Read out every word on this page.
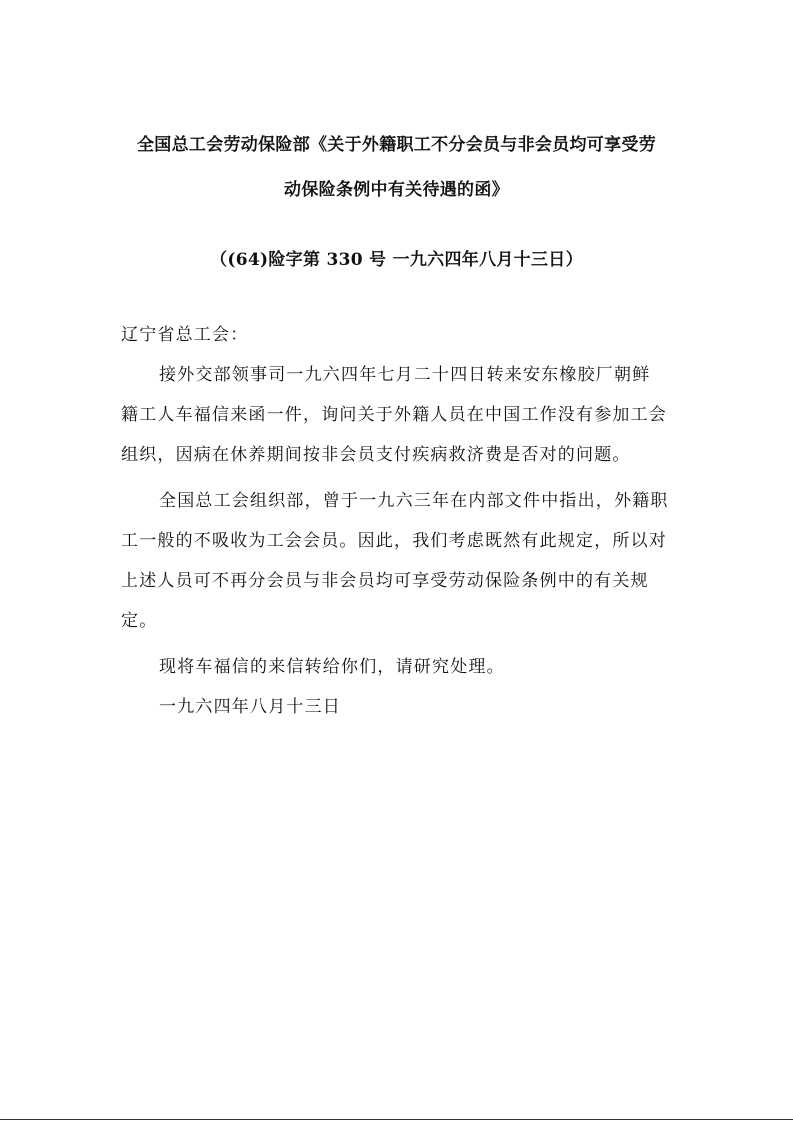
全国总工会劳动保险部《关于外籍职工不分会员与非会员均可享受劳
动保险条例中有关待遇的函》
（(64)险字第 330 号 一九六四年八月十三日）
辽宁省总工会：
接外交部领事司一九六四年七月二十四日转来安东橡胶厂朝鲜
籍工人车福信来函一件，询问关于外籍人员在中国工作没有参加工会
组织，因病在休养期间按非会员支付疾病救济费是否对的问题。
全国总工会组织部，曾于一九六三年在内部文件中指出，外籍职
工一般的不吸收为工会会员。因此，我们考虑既然有此规定，所以对
上述人员可不再分会员与非会员均可享受劳动保险条例中的有关规
定。
现将车福信的来信转给你们，请研究处理。
一九六四年八月十三日
